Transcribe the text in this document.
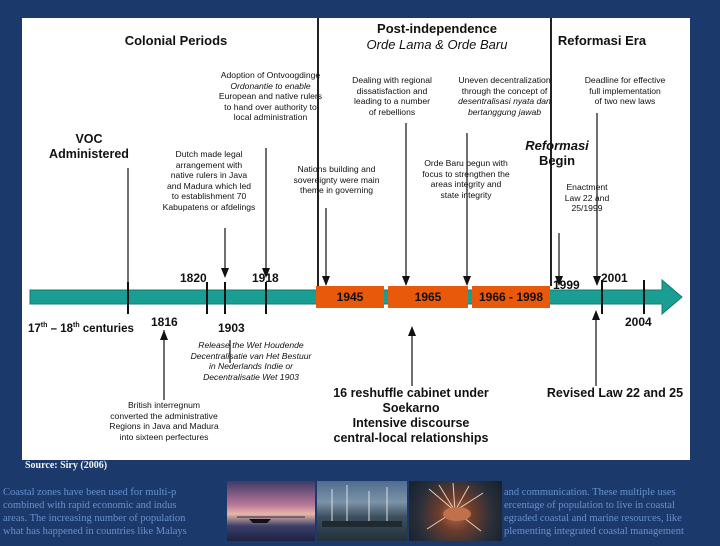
Colonial Periods
Post-independence
Orde Lama & Orde Baru	Reformasi Era
VOC
Administered	Dutch made legal
arrangement with
native rulers in Java
and Madura which led
to establishment 70
Kabupatens or afdelings
Adoption of Ontvoogdinge
Ordonantie to enable
European and native rulers
to hand over authority to
local administration
Nations building and
sovereignty were main
theme in governing
Dealing with regional
dissatisfaction and
leading to a number
of rebellions
Uneven decentralization
through the concept of
desentralisasi nyata dan
bertanggung jawab
Orde Baru begun with
focus to strengthen the
areas integrity and
state integrity
Reformasi
Begin
Enactment
Law 22 and
25/1999
Deadline for effective
full implementation
of two new laws
1820	1918	1999 2001
1945	1965	1966 - 1998
17th – 18th centuries 1816	1903	2004
Release the Wet Houdende
Decentralisatie van Het Bestuur
in Nederlands Indie or
Decentralisatie Wet 1903
British interregnum
converted the administrative
Regions in Java and Madura
into sixteen perfectures
16 reshuffle cabinet under
Soekarno
Intensive discourse
central-local relationships
Revised Law 22 and 25
Source: Siry (2006)
Coastal zones have been used for multi-p
combined with rapid economic and indus
areas. The increasing number of population
what has happened in countries like Malays
and communication. These multiple uses
ercentage of population to live in coastal
egraded coastal and marine resources, like
plementing integrated coastal management
